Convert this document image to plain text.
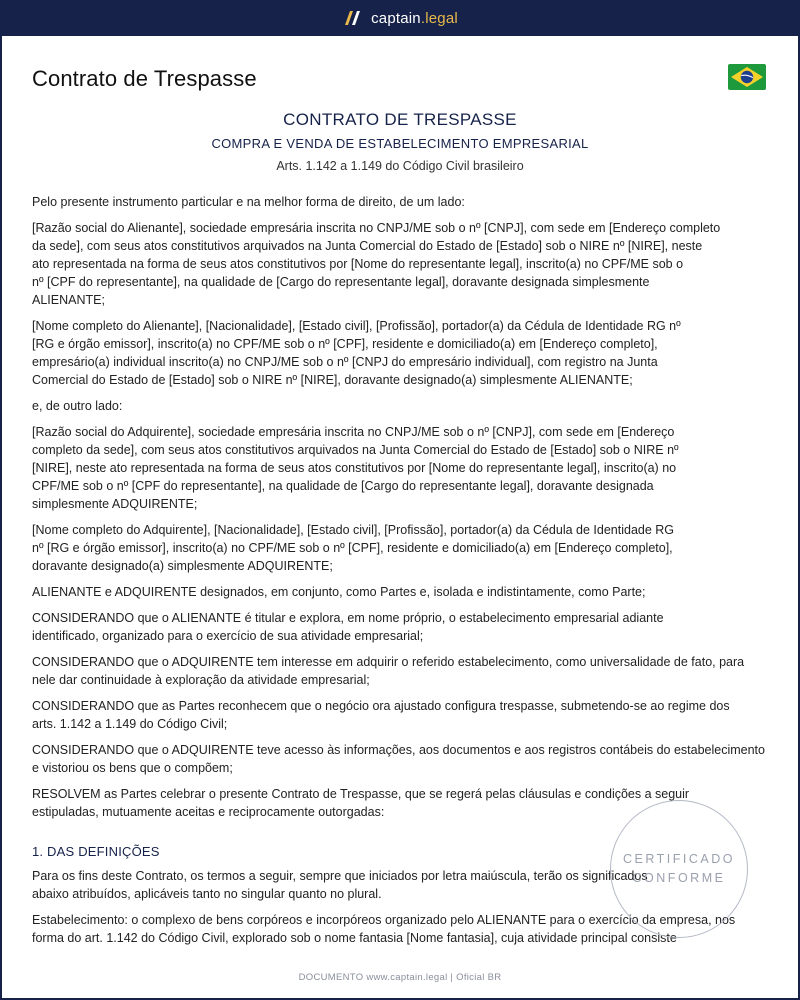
captain.legal
Contrato de Trespasse

CONTRATO DE TRESPASSE

COMPRA E VENDA DE ESTABELECIMENTO EMPRESARIAL

Arts. 1.142 a 1.149 do Código Civil brasileiro

Pelo presente instrumento particular e na melhor forma de direito, de um lado:
[Razão social do Alienante], sociedade empresária inscrita no CNPJ/ME sob o nº [CNPJ], com sede em [Endereço completo
da sede], com seus atos constitutivos arquivados na Junta Comercial do Estado de [Estado] sob o NIRE nº [NIRE], neste
ato representada na forma de seus atos constitutivos por [Nome do representante legal], inscrito(a) no CPF/ME sob o
nº [CPF do representante], na qualidade de [Cargo do representante legal], doravante designada simplesmente
ALIENANTE;
[Nome completo do Alienante], [Nacionalidade], [Estado civil], [Profissão], portador(a) da Cédula de Identidade RG nº
[RG e órgão emissor], inscrito(a) no CPF/ME sob o nº [CPF], residente e domiciliado(a) em [Endereço completo],
empresário(a) individual inscrito(a) no CNPJ/ME sob o nº [CNPJ do empresário individual], com registro na Junta
Comercial do Estado de [Estado] sob o NIRE nº [NIRE], doravante designado(a) simplesmente ALIENANTE;
e, de outro lado:
[Razão social do Adquirente], sociedade empresária inscrita no CNPJ/ME sob o nº [CNPJ], com sede em [Endereço
completo da sede], com seus atos constitutivos arquivados na Junta Comercial do Estado de [Estado] sob o NIRE nº
[NIRE], neste ato representada na forma de seus atos constitutivos por [Nome do representante legal], inscrito(a) no
CPF/ME sob o nº [CPF do representante], na qualidade de [Cargo do representante legal], doravante designada
simplesmente ADQUIRENTE;
[Nome completo do Adquirente], [Nacionalidade], [Estado civil], [Profissão], portador(a) da Cédula de Identidade RG
nº [RG e órgão emissor], inscrito(a) no CPF/ME sob o nº [CPF], residente e domiciliado(a) em [Endereço completo],
doravante designado(a) simplesmente ADQUIRENTE;
ALIENANTE e ADQUIRENTE designados, em conjunto, como Partes e, isolada e indistintamente, como Parte;
CONSIDERANDO que o ALIENANTE é titular e explora, em nome próprio, o estabelecimento empresarial adiante
identificado, organizado para o exercício de sua atividade empresarial;
CONSIDERANDO que o ADQUIRENTE tem interesse em adquirir o referido estabelecimento, como universalidade de fato, para
nele dar continuidade à exploração da atividade empresarial;
CONSIDERANDO que as Partes reconhecem que o negócio ora ajustado configura trespasse, submetendo-se ao regime dos
arts. 1.142 a 1.149 do Código Civil;
CONSIDERANDO que o ADQUIRENTE teve acesso às informações, aos documentos e aos registros contábeis do estabelecimento
e vistoriou os bens que o compõem;
RESOLVEM as Partes celebrar o presente Contrato de Trespasse, que se regerá pelas cláusulas e condições a seguir
estipuladas, mutuamente aceitas e reciprocamente outorgadas:
1. DAS DEFINIÇÕES
Para os fins deste Contrato, os termos a seguir, sempre que iniciados por letra maiúscula, terão os significados
abaixo atribuídos, aplicáveis tanto no singular quanto no plural.
Estabelecimento: o complexo de bens corpóreos e incorpóreos organizado pelo ALIENANTE para o exercício da empresa, nos
forma do art. 1.142 do Código Civil, explorado sob o nome fantasia [Nome fantasia], cuja atividade principal consiste
CERTIFICADO
CONFORME
DOCUMENTO www.captain.legal | Oficial BR
